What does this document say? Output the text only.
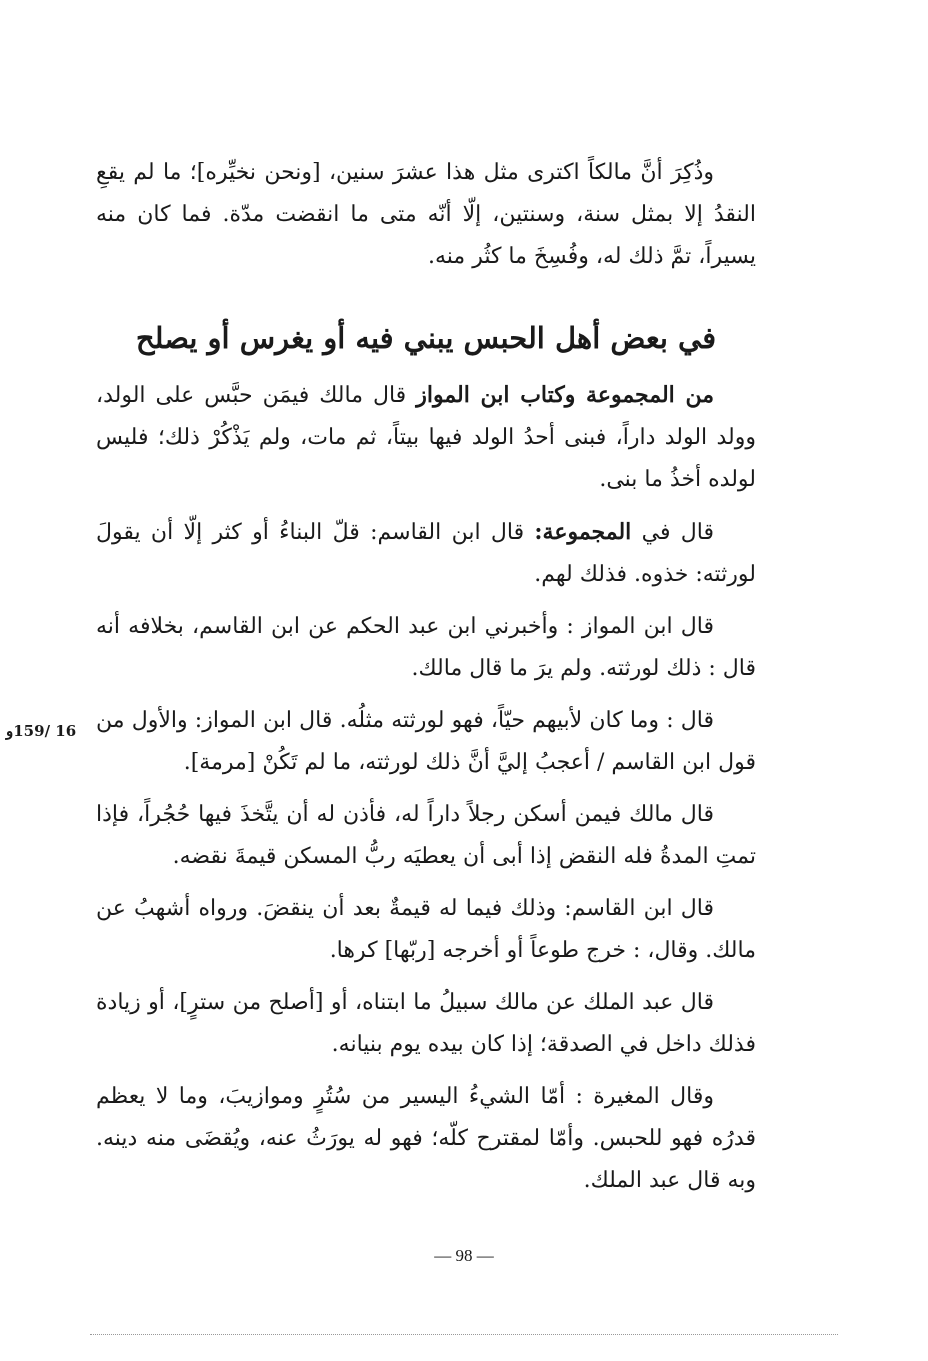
وذُكِرَ أنَّ مالكاً اكترى مثل هذا عشرَ سنين، [ونحن نخيِّره]؛ ما لم يقعِ النقدُ إلا بمثل سنة، وسنتين، إلّا أنّه متى ما انقضت مدّة. فما كان منه يسيراً، تمَّ ذلك له، وفُسِخَ ما كثُر منه.

في بعض أهل الحبس يبني فيه أو يغرس أو يصلح

من المجموعة وكتاب ابن المواز قال مالك فيمَن حبَّس على الولد، وولد الولد داراً، فبنى أحدُ الولد فيها بيتاً، ثم مات، ولم يَذْكُرْ ذلك؛ فليس لولده أخذُ ما بنى.

قال في المجموعة: قال ابن القاسم: قلّ البناءُ أو كثر إلّا أن يقولَ لورثته: خذوه. فذلك لهم.

قال ابن المواز : وأخبرني ابن عبد الحكم عن ابن القاسم، بخلافه أنه قال : ذلك لورثته. ولم يرَ ما قال مالك.

قال : وما كان لأبيهم حيّاً، فهو لورثته مثلُه. قال ابن المواز: والأول من قول ابن القاسم / أعجبُ إليَّ أنَّ ذلك لورثته، ما لم تَكُنْ [مرمة].

قال مالك فيمن أسكن رجلاً داراً له، فأذن له أن يتَّخذَ فيها حُجُراً، فإذا تمتِ المدةُ فله النقض إذا أبى أن يعطيَه ربُّ المسكن قيمةَ نقضه.

قال ابن القاسم: وذلك فيما له قيمةٌ بعد أن ينقضَ. ورواه أشهبُ عن مالك. وقال، : خرج طوعاً أو أخرجه [ربّها] كرها.

قال عبد الملك عن مالك سبيلُ ما ابتناه، أو [أصلح من سترٍ]، أو زيادة فذلك داخل في الصدقة؛ إذا كان بيده يوم بنيانه.

وقال المغيرة : أمّا الشيءُ اليسير من سُتُرٍ وموازيبَ، وما لا يعظم قدرُه فهو للحبس. وأمّا لمقترح كلّه؛ فهو له يورَثُ عنه، ويُقضَى منه دينه. وبه قال عبد الملك.

16 /159و
— 98 —
